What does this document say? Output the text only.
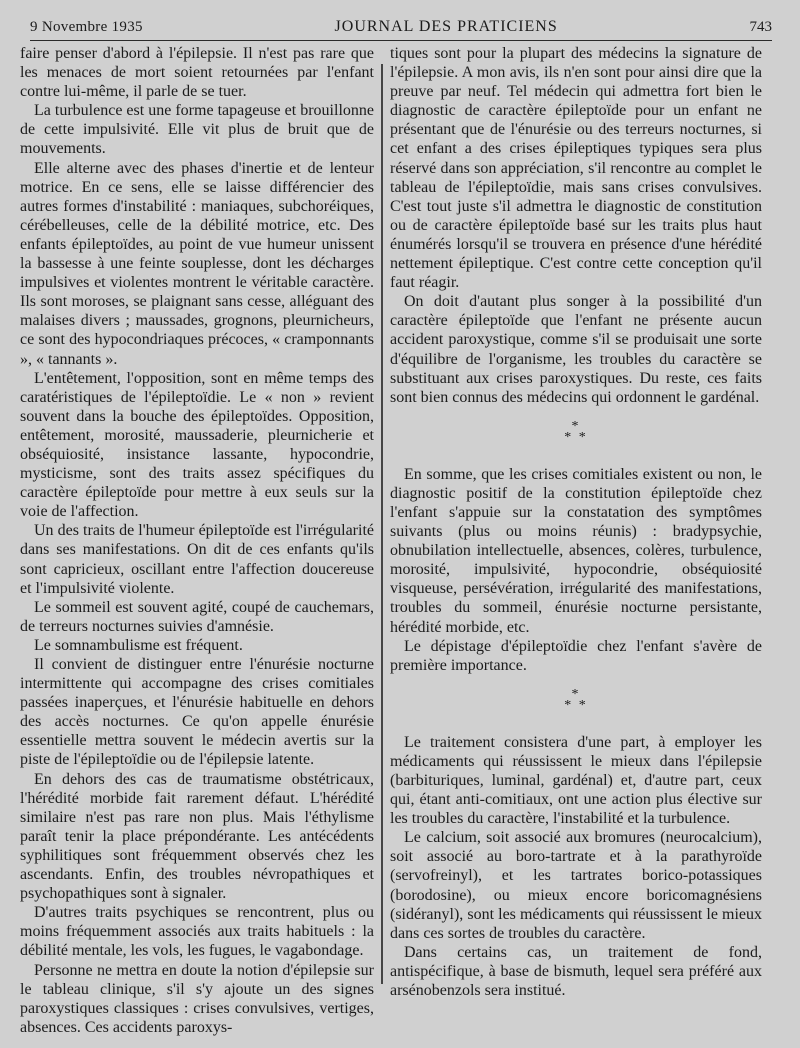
9 Novembre 1935	JOURNAL DES PRATICIENS	743

faire penser d'abord à l'épilepsie. Il n'est pas rare que les menaces de mort soient retournées par l'enfant contre lui-même, il parle de se tuer.

La turbulence est une forme tapageuse et brouillonne de cette impulsivité. Elle vit plus de bruit que de mouvements.

Elle alterne avec des phases d'inertie et de lenteur motrice. En ce sens, elle se laisse différencier des autres formes d'instabilité : maniaques, subchoréiques, cérébelleuses, celle de la débilité motrice, etc. Des enfants épileptoïdes, au point de vue humeur unissent la bassesse à une feinte souplesse, dont les décharges impulsives et violentes montrent le véritable caractère. Ils sont moroses, se plaignant sans cesse, alléguant des malaises divers ; maussades, grognons, pleurnicheurs, ce sont des hypocondriaques précoces, « cramponnants », « tannants ».

L'entêtement, l'opposition, sont en même temps des caratéristiques de l'épileptoïdie. Le « non » revient souvent dans la bouche des épileptoïdes. Opposition, entêtement, morosité, maussaderie, pleurnicherie et obséquiosité, insistance lassante, hypocondrie, mysticisme, sont des traits assez spécifiques du caractère épileptoïde pour mettre à eux seuls sur la voie de l'affection.

Un des traits de l'humeur épileptoïde est l'irrégularité dans ses manifestations. On dit de ces enfants qu'ils sont capricieux, oscillant entre l'affection doucereuse et l'impulsivité violente.

Le sommeil est souvent agité, coupé de cauchemars, de terreurs nocturnes suivies d'amnésie.

Le somnambulisme est fréquent.

Il convient de distinguer entre l'énurésie nocturne intermittente qui accompagne des crises comitiales passées inaperçues, et l'énurésie habituelle en dehors des accès nocturnes. Ce qu'on appelle énurésie essentielle mettra souvent le médecin avertis sur la piste de l'épileptoïdie ou de l'épilepsie latente.

En dehors des cas de traumatisme obstétricaux, l'hérédité morbide fait rarement défaut. L'hérédité similaire n'est pas rare non plus. Mais l'éthylisme paraît tenir la place prépondérante. Les antécédents syphilitiques sont fréquemment observés chez les ascendants. Enfin, des troubles névropathiques et psychopathiques sont à signaler.

D'autres traits psychiques se rencontrent, plus ou moins fréquemment associés aux traits habituels : la débilité mentale, les vols, les fugues, le vagabondage.

Personne ne mettra en doute la notion d'épilepsie sur le tableau clinique, s'il s'y ajoute un des signes paroxystiques classiques : crises convulsives, vertiges, absences. Ces accidents paroxys-

tiques sont pour la plupart des médecins la signature de l'épilepsie. A mon avis, ils n'en sont pour ainsi dire que la preuve par neuf. Tel médecin qui admettra fort bien le diagnostic de caractère épileptoïde pour un enfant ne présentant que de l'énurésie ou des terreurs nocturnes, si cet enfant a des crises épileptiques typiques sera plus réservé dans son appréciation, s'il rencontre au complet le tableau de l'épileptoïdie, mais sans crises convulsives. C'est tout juste s'il admettra le diagnostic de constitution ou de caractère épileptoïde basé sur les traits plus haut énumérés lorsqu'il se trouvera en présence d'une hérédité nettement épileptique. C'est contre cette conception qu'il faut réagir.

On doit d'autant plus songer à la possibilité d'un caractère épileptoïde que l'enfant ne présente aucun accident paroxystique, comme s'il se produisait une sorte d'équilibre de l'organisme, les troubles du caractère se substituant aux crises paroxystiques. Du reste, ces faits sont bien connus des médecins qui ordonnent le gardénal.

*
* *

En somme, que les crises comitiales existent ou non, le diagnostic positif de la constitution épileptoïde chez l'enfant s'appuie sur la constatation des symptômes suivants (plus ou moins réunis) : bradypsychie, obnubilation intellectuelle, absences, colères, turbulence, morosité, impulsivité, hypocondrie, obséquiosité visqueuse, persévération, irrégularité des manifestations, troubles du sommeil, énurésie nocturne persistante, hérédité morbide, etc.

Le dépistage d'épileptoïdie chez l'enfant s'avère de première importance.

*
* *

Le traitement consistera d'une part, à employer les médicaments qui réussissent le mieux dans l'épilepsie (barbituriques, luminal, gardénal) et, d'autre part, ceux qui, étant anti-comitiaux, ont une action plus élective sur les troubles du caractère, l'instabilité et la turbulence.

Le calcium, soit associé aux bromures (neurocalcium), soit associé au boro-tartrate et à la parathyroïde (servofreinyl), et les tartrates borico-potassiques (borodosine), ou mieux encore boricomagnésiens (sidéranyl), sont les médicaments qui réussissent le mieux dans ces sortes de troubles du caractère.

Dans certains cas, un traitement de fond, antispécifique, à base de bismuth, lequel sera préféré aux arsénobenzols sera institué.
